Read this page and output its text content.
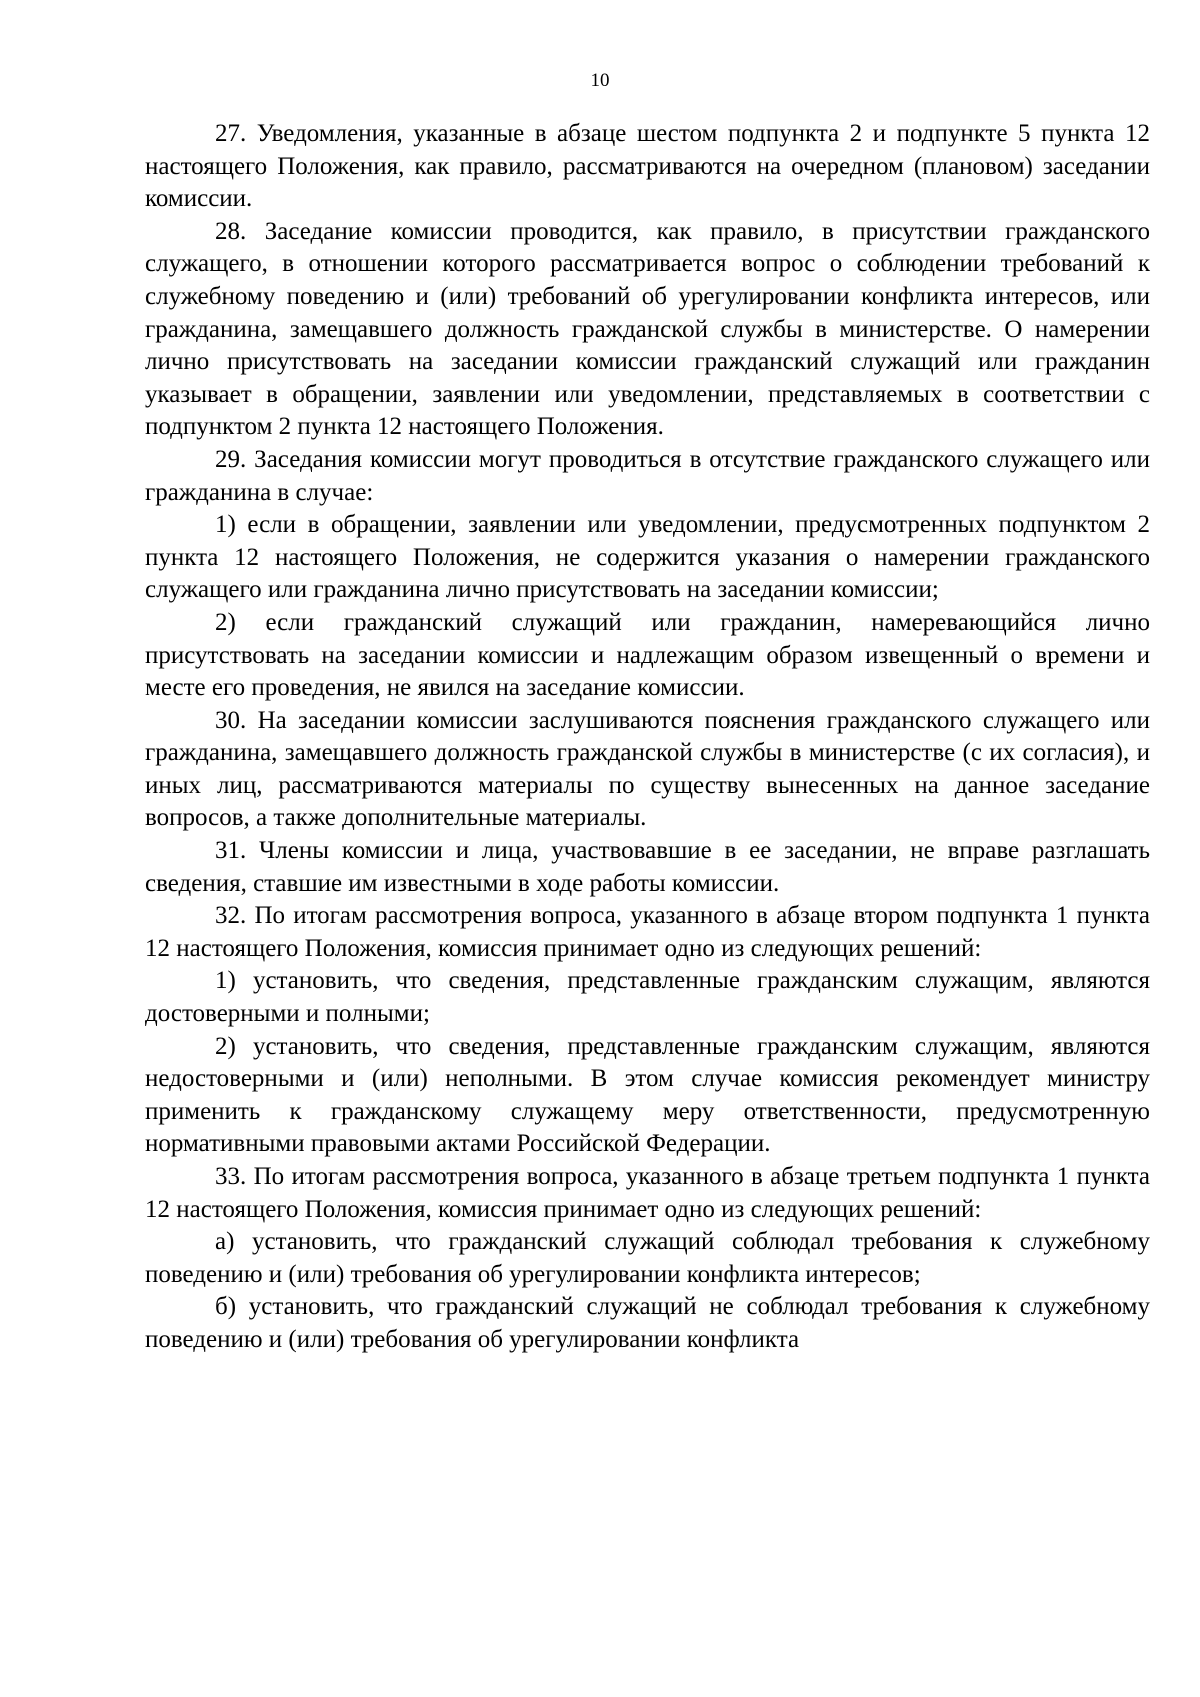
10

27. Уведомления, указанные в абзаце шестом подпункта 2 и подпункте 5 пункта 12 настоящего Положения, как правило, рассматриваются на очередном (плановом) заседании комиссии.

28. Заседание комиссии проводится, как правило, в присутствии гражданского служащего, в отношении которого рассматривается вопрос о соблюдении требований к служебному поведению и (или) требований об урегулировании конфликта интересов, или гражданина, замещавшего должность гражданской службы в министерстве. О намерении лично присутствовать на заседании комиссии гражданский служащий или гражданин указывает в обращении, заявлении или уведомлении, представляемых в соответствии с подпунктом 2 пункта 12 настоящего Положения.

29. Заседания комиссии могут проводиться в отсутствие гражданского служащего или гражданина в случае:

1) если в обращении, заявлении или уведомлении, предусмотренных подпунктом 2 пункта 12 настоящего Положения, не содержится указания о намерении гражданского служащего или гражданина лично присутствовать на заседании комиссии;

2) если гражданский служащий или гражданин, намеревающийся лично присутствовать на заседании комиссии и надлежащим образом извещенный о времени и месте его проведения, не явился на заседание комиссии.

30. На заседании комиссии заслушиваются пояснения гражданского служащего или гражданина, замещавшего должность гражданской службы в министерстве (с их согласия), и иных лиц, рассматриваются материалы по существу вынесенных на данное заседание вопросов, а также дополнительные материалы.

31. Члены комиссии и лица, участвовавшие в ее заседании, не вправе разглашать сведения, ставшие им известными в ходе работы комиссии.

32. По итогам рассмотрения вопроса, указанного в абзаце втором подпункта 1 пункта 12 настоящего Положения, комиссия принимает одно из следующих решений:

1) установить, что сведения, представленные гражданским служащим, являются достоверными и полными;

2) установить, что сведения, представленные гражданским служащим, являются недостоверными и (или) неполными. В этом случае комиссия рекомендует министру применить к гражданскому служащему меру ответственности, предусмотренную нормативными правовыми актами Российской Федерации.

33. По итогам рассмотрения вопроса, указанного в абзаце третьем подпункта 1 пункта 12 настоящего Положения, комиссия принимает одно из следующих решений:

а) установить, что гражданский служащий соблюдал требования к служебному поведению и (или) требования об урегулировании конфликта интересов;

б) установить, что гражданский служащий не соблюдал требования к служебному поведению и (или) требования об урегулировании конфликта
